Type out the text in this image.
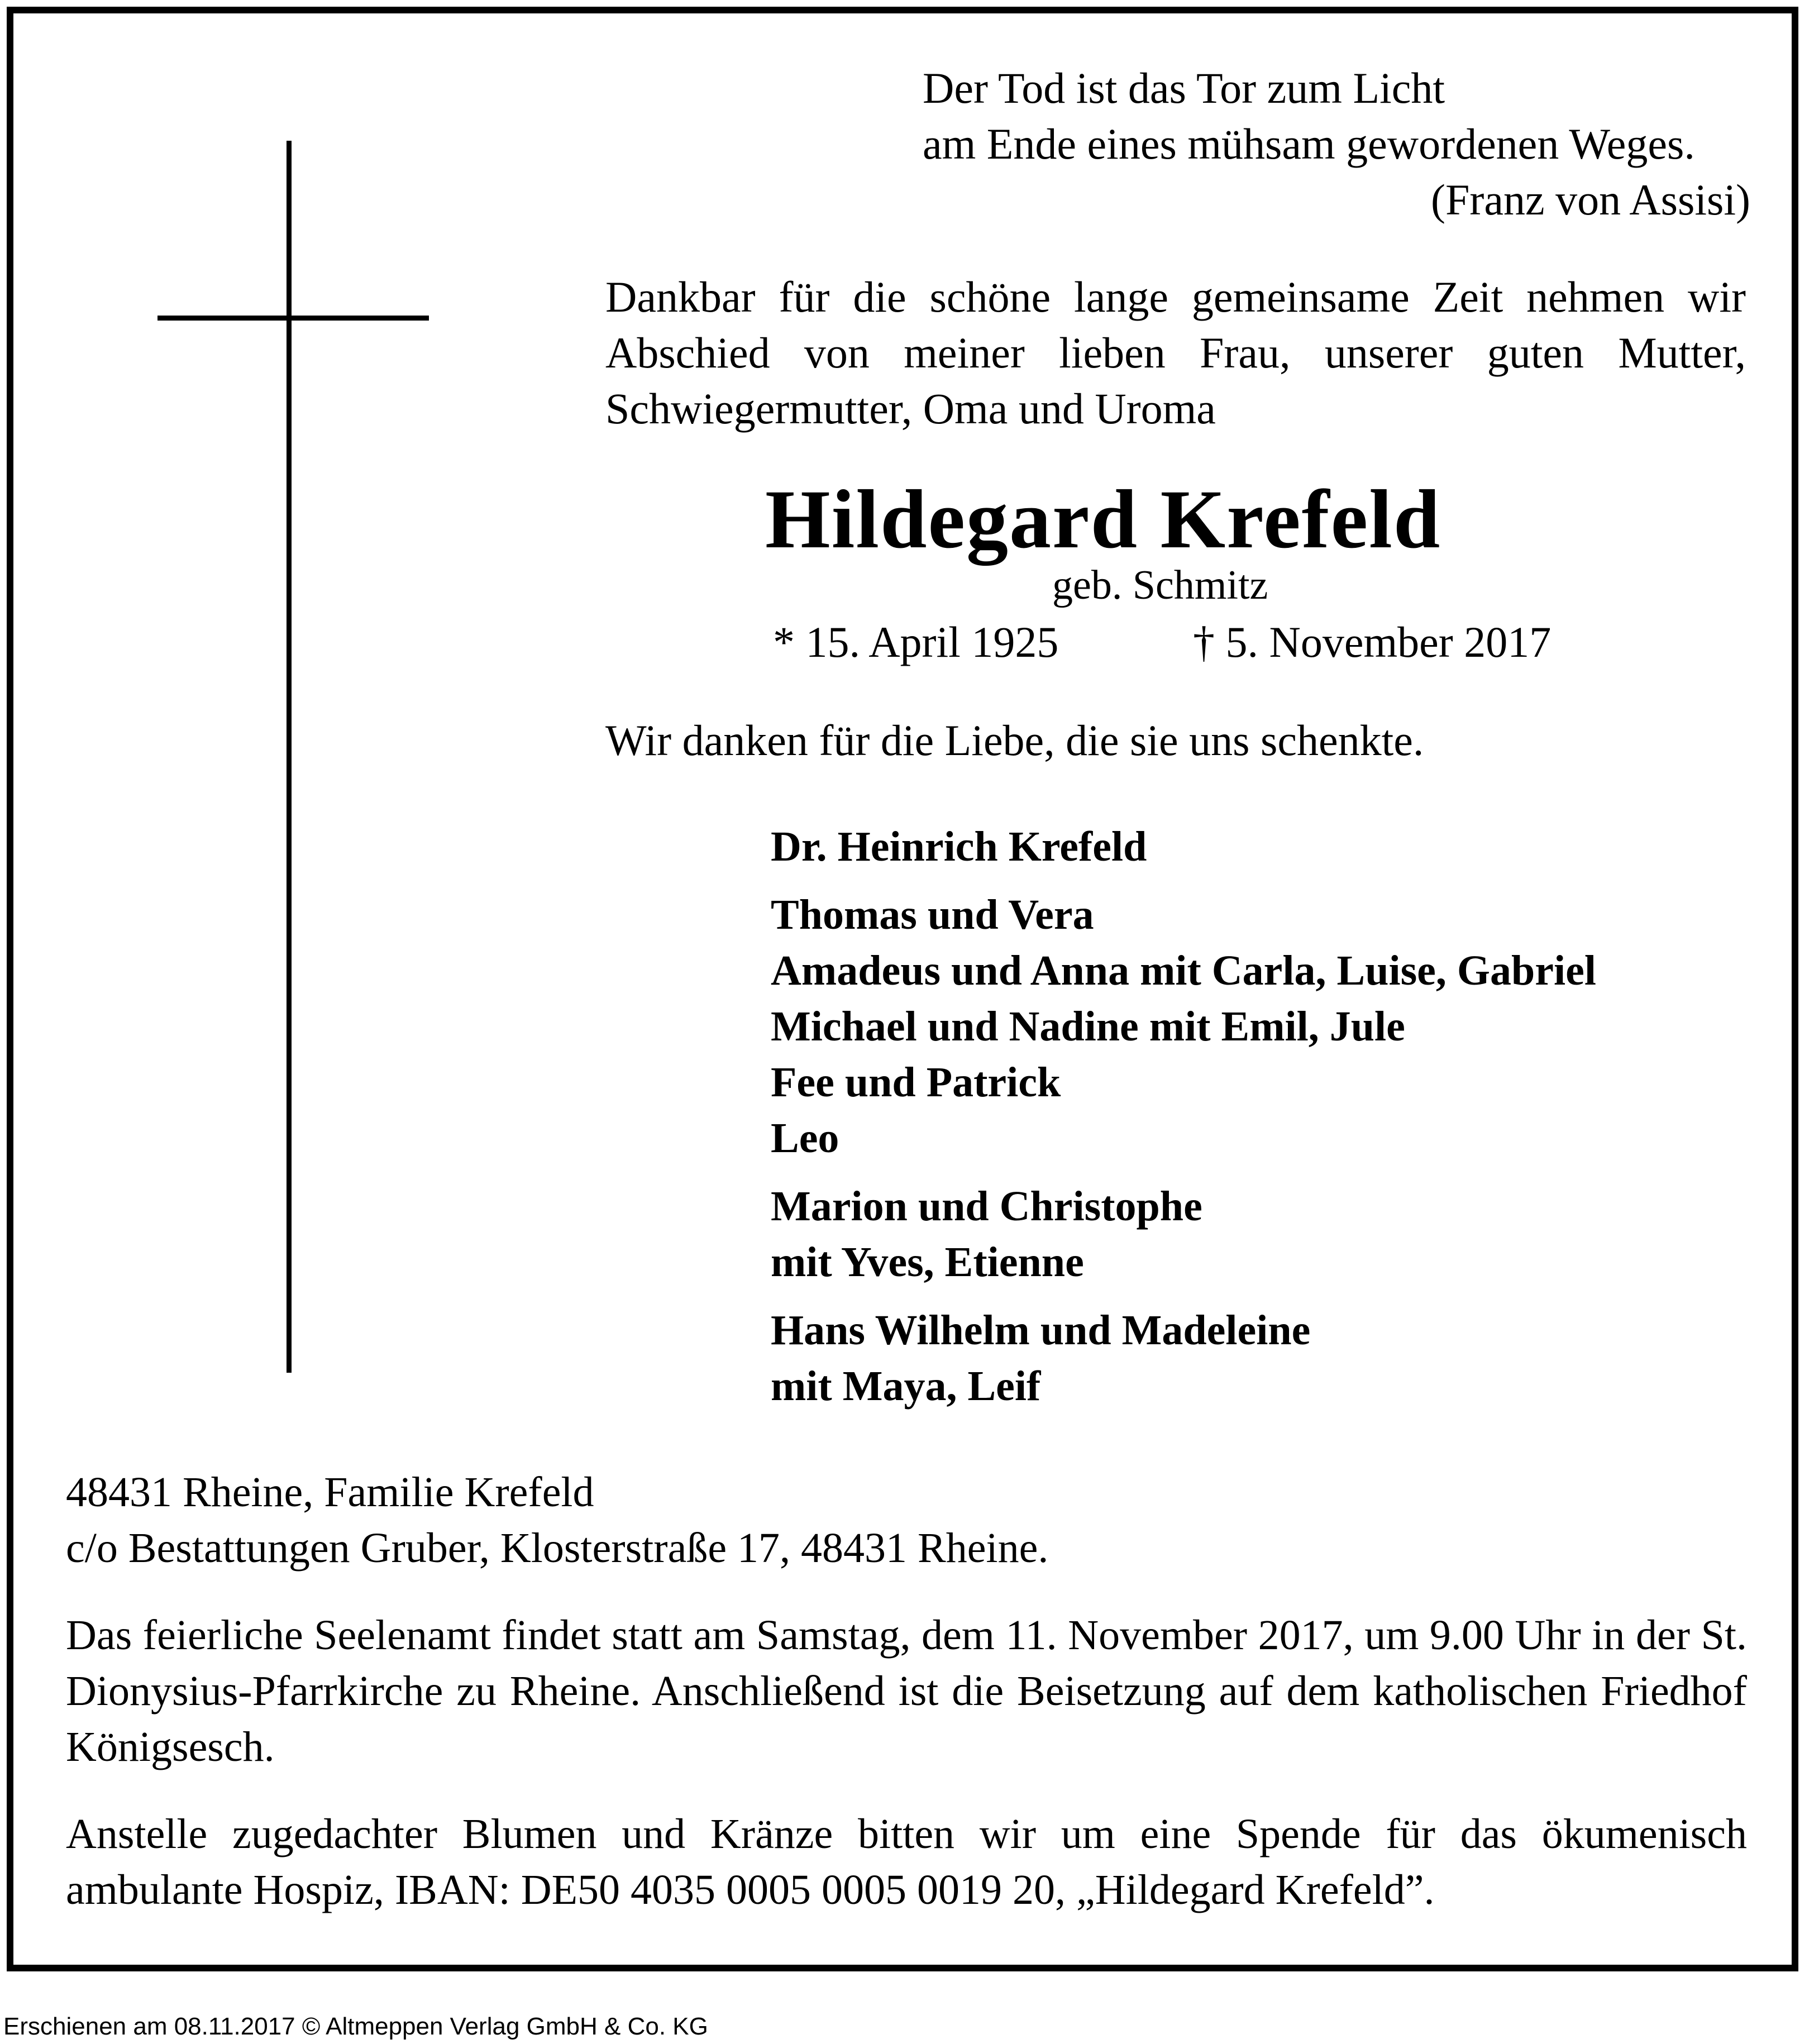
Der Tod ist das Tor zum Licht
am Ende eines mühsam gewordenen Weges.
(Franz von Assisi)
Dankbar für die schöne lange gemeinsame Zeit nehmen wir Abschied von meiner lieben Frau, unserer guten Mutter, Schwiegermutter, Oma und Uroma
Hildegard Krefeld
geb. Schmitz
* 15. April 1925	† 5. November 2017
Wir danken für die Liebe, die sie uns schenkte.
Dr. Heinrich Krefeld
Thomas und Vera
Amadeus und Anna mit Carla, Luise, Gabriel
Michael und Nadine mit Emil, Jule
Fee und Patrick
Leo
Marion und Christophe
mit Yves, Etienne
Hans Wilhelm und Madeleine
mit Maya, Leif
48431 Rheine, Familie Krefeld
c/o Bestattungen Gruber, Klosterstraße 17, 48431 Rheine.
Das feierliche Seelenamt findet statt am Samstag, dem 11. November 2017, um 9.00 Uhr in der St. Dionysius-Pfarrkirche zu Rheine. Anschließend ist die Beisetzung auf dem katholischen Friedhof Königsesch.
Anstelle zugedachter Blumen und Kränze bitten wir um eine Spende für das ökumenisch ambulante Hospiz, IBAN: DE50 4035 0005 0005 0019 20, „Hildegard Krefeld”.
Erschienen am 08.11.2017 © Altmeppen Verlag GmbH & Co. KG
